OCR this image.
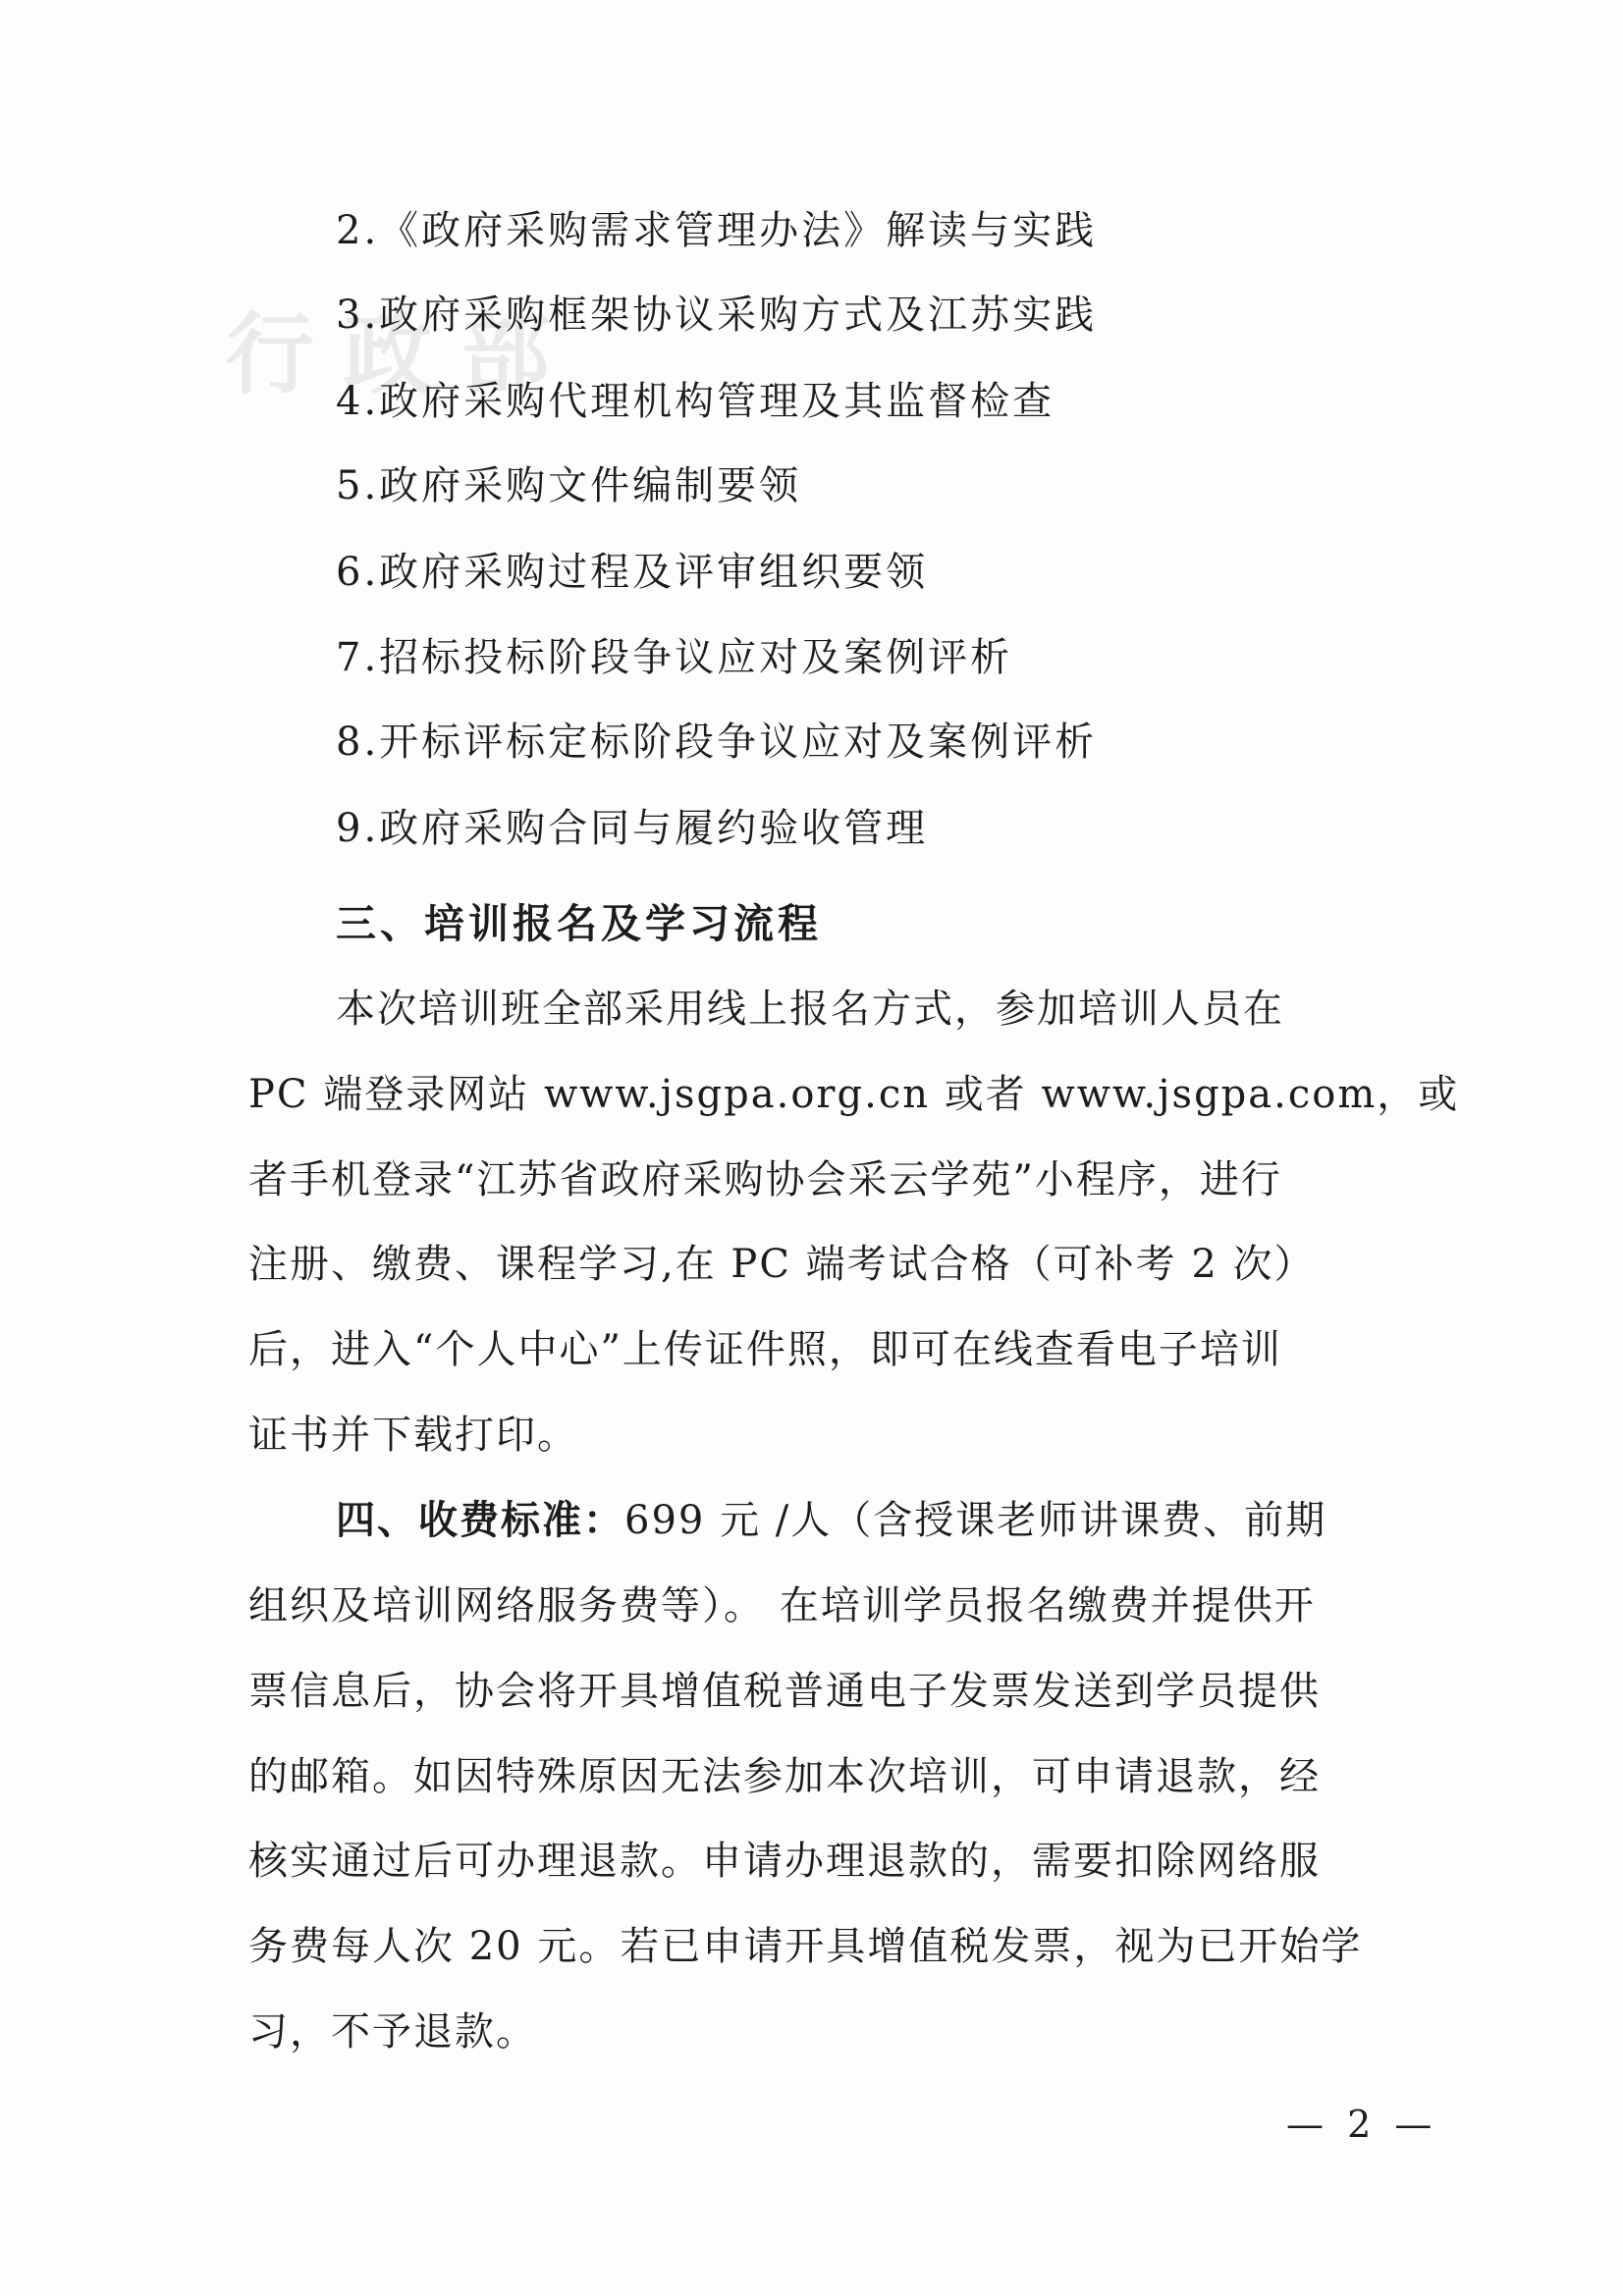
行政部
2.《政府采购需求管理办法》解读与实践
3.政府采购框架协议采购方式及江苏实践
4.政府采购代理机构管理及其监督检查
5.政府采购文件编制要领
6.政府采购过程及评审组织要领
7.招标投标阶段争议应对及案例评析
8.开标评标定标阶段争议应对及案例评析
9.政府采购合同与履约验收管理
三、培训报名及学习流程
本次培训班全部采用线上报名方式，参加培训人员在
PC 端登录网站 www.jsgpa.org.cn 或者 www.jsgpa.com，或
者手机登录“江苏省政府采购协会采云学苑”小程序，进行
注册、缴费、课程学习,在 PC 端考试合格（可补考 2 次）
后，进入“个人中心”上传证件照，即可在线查看电子培训
证书并下载打印。
四、收费标准：699 元 /人（含授课老师讲课费、前期
组织及培训网络服务费等）。 在培训学员报名缴费并提供开
票信息后，协会将开具增值税普通电子发票发送到学员提供
的邮箱。如因特殊原因无法参加本次培训，可申请退款，经
核实通过后可办理退款。申请办理退款的，需要扣除网络服
务费每人次 20 元。若已申请开具增值税发票，视为已开始学
习，不予退款。
— 2 —
